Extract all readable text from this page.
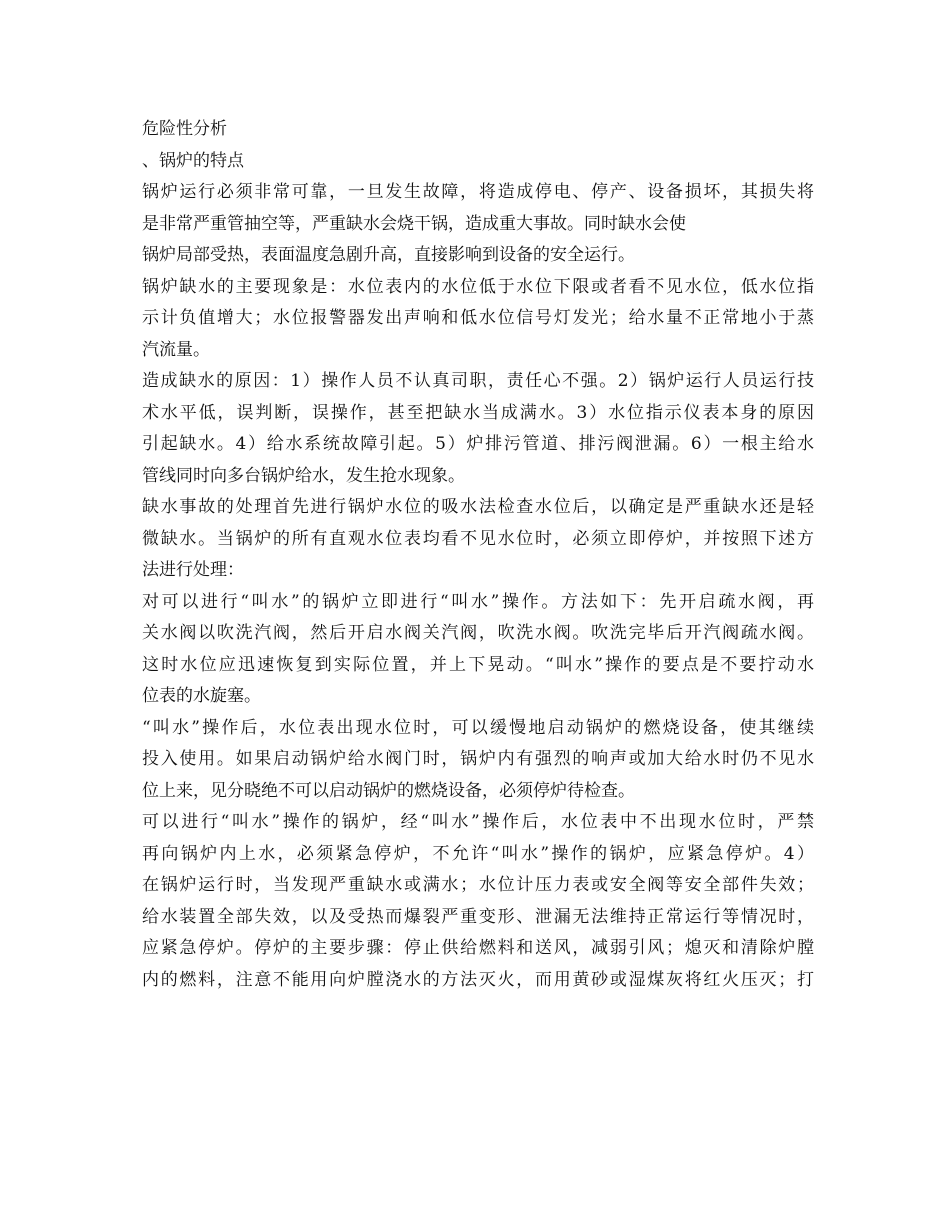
危险性分析
、锅炉的特点
锅炉运行必须非常可靠，一旦发生故障，将造成停电、停产、设备损坏，其损失将
是非常严重管抽空等，严重缺水会烧干锅，造成重大事故。同时缺水会使
锅炉局部受热，表面温度急剧升高，直接影响到设备的安全运行。
锅炉缺水的主要现象是：水位表内的水位低于水位下限或者看不见水位，低水位指
示计负值增大；水位报警器发出声响和低水位信号灯发光；给水量不正常地小于蒸
汽流量。
造成缺水的原因：1）操作人员不认真司职，责任心不强。2）锅炉运行人员运行技
术水平低，误判断，误操作，甚至把缺水当成满水。3）水位指示仪表本身的原因
引起缺水。4）给水系统故障引起。5）炉排污管道、排污阀泄漏。6）一根主给水
管线同时向多台锅炉给水，发生抢水现象。
缺水事故的处理首先进行锅炉水位的吸水法检查水位后，以确定是严重缺水还是轻
微缺水。当锅炉的所有直观水位表均看不见水位时，必须立即停炉，并按照下述方
法进行处理：
对可以进行“叫水”的锅炉立即进行“叫水”操作。方法如下：先开启疏水阀，再
关水阀以吹洗汽阀，然后开启水阀关汽阀，吹洗水阀。吹洗完毕后开汽阀疏水阀。
这时水位应迅速恢复到实际位置，并上下晃动。“叫水”操作的要点是不要拧动水
位表的水旋塞。
“叫水”操作后，水位表出现水位时，可以缓慢地启动锅炉的燃烧设备，使其继续
投入使用。如果启动锅炉给水阀门时，锅炉内有强烈的响声或加大给水时仍不见水
位上来，见分晓绝不可以启动锅炉的燃烧设备，必须停炉待检查。
可以进行“叫水”操作的锅炉，经“叫水”操作后，水位表中不出现水位时，严禁
再向锅炉内上水，必须紧急停炉，不允许“叫水”操作的锅炉，应紧急停炉。4）
在锅炉运行时，当发现严重缺水或满水；水位计压力表或安全阀等安全部件失效；
给水装置全部失效，以及受热而爆裂严重变形、泄漏无法维持正常运行等情况时，
应紧急停炉。停炉的主要步骤：停止供给燃料和送风，减弱引风；熄灭和清除炉膛
内的燃料，注意不能用向炉膛浇水的方法灭火，而用黄砂或湿煤灰将红火压灭；打
